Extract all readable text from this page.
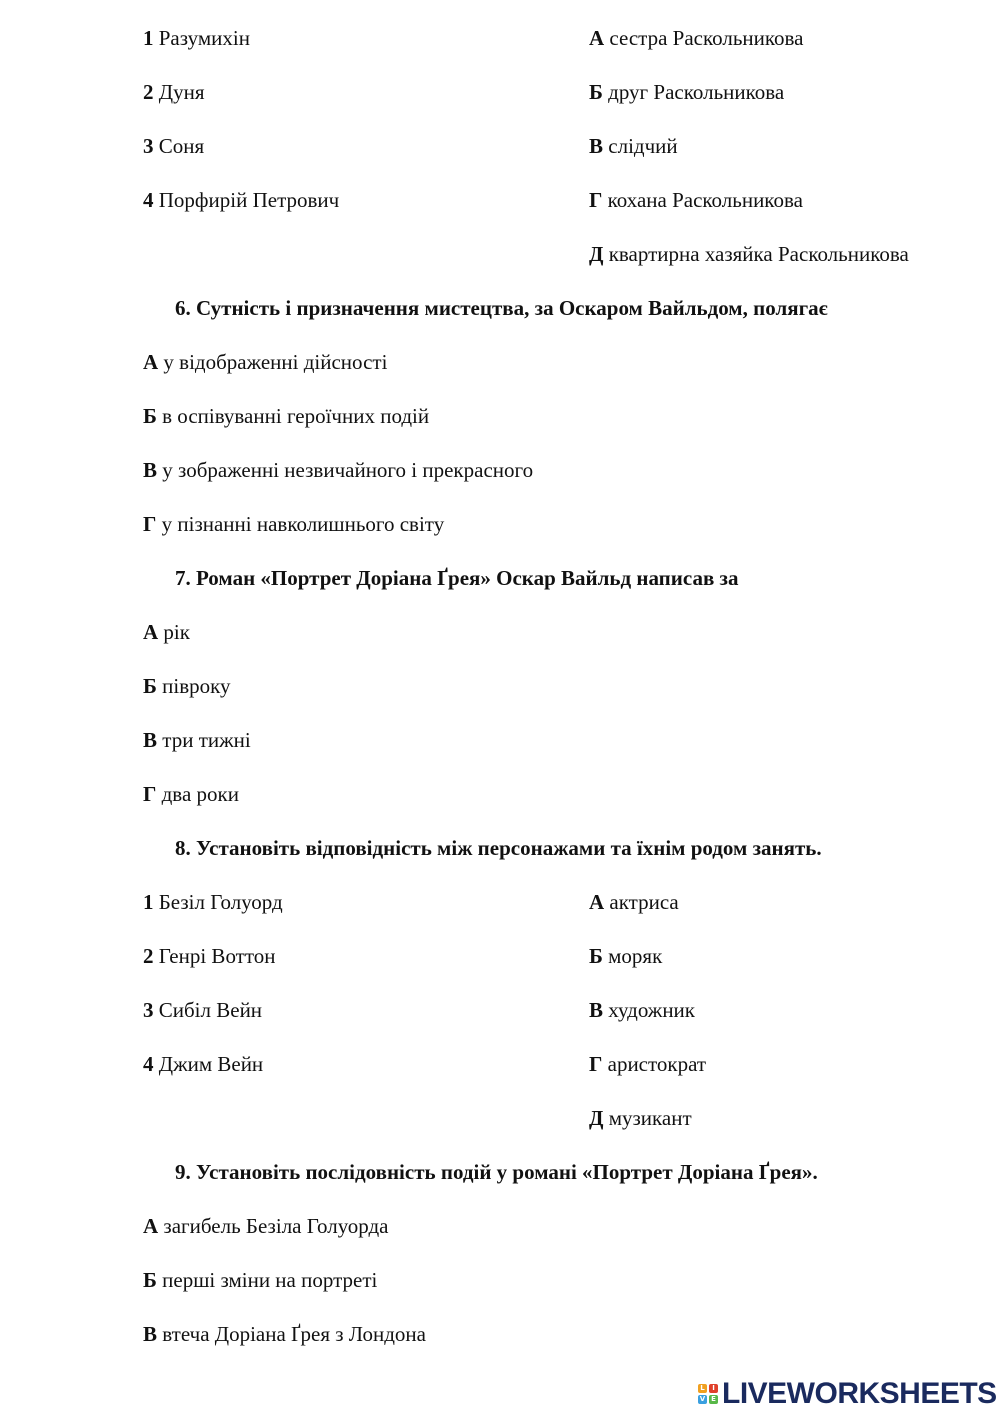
1 Разумихін
2 Дуня
3 Соня
4 Порфирій Петрович
А сестра Раскольникова
Б друг Раскольникова
В слідчий
Г кохана Раскольникова
Д квартирна хазяйка Раскольникова
6. Сутність і призначення мистецтва, за Оскаром Вайльдом, полягає
А у відображенні дійсності
Б в оспівуванні героїчних подій
В у зображенні незвичайного і прекрасного
Г у пізнанні навколишнього світу
7. Роман «Портрет Доріана Ґрея» Оскар Вайльд написав за
А рік
Б півроку
В три тижні
Г два роки
8. Установіть відповідність між персонажами та їхнім родом занять.
1 Безіл Голуорд
2 Генрі Воттон
3 Сибіл Вейн
4 Джим Вейн
А актриса
Б моряк
В художник
Г аристократ
Д музикант
9. Установіть послідовність подій у романі «Портрет Доріана Ґрея».
А загибель Безіла Голуорда
Б перші зміни на портреті
В втеча Доріана Ґрея з Лондона
L	I
V E LIVEWORKSHEETS
